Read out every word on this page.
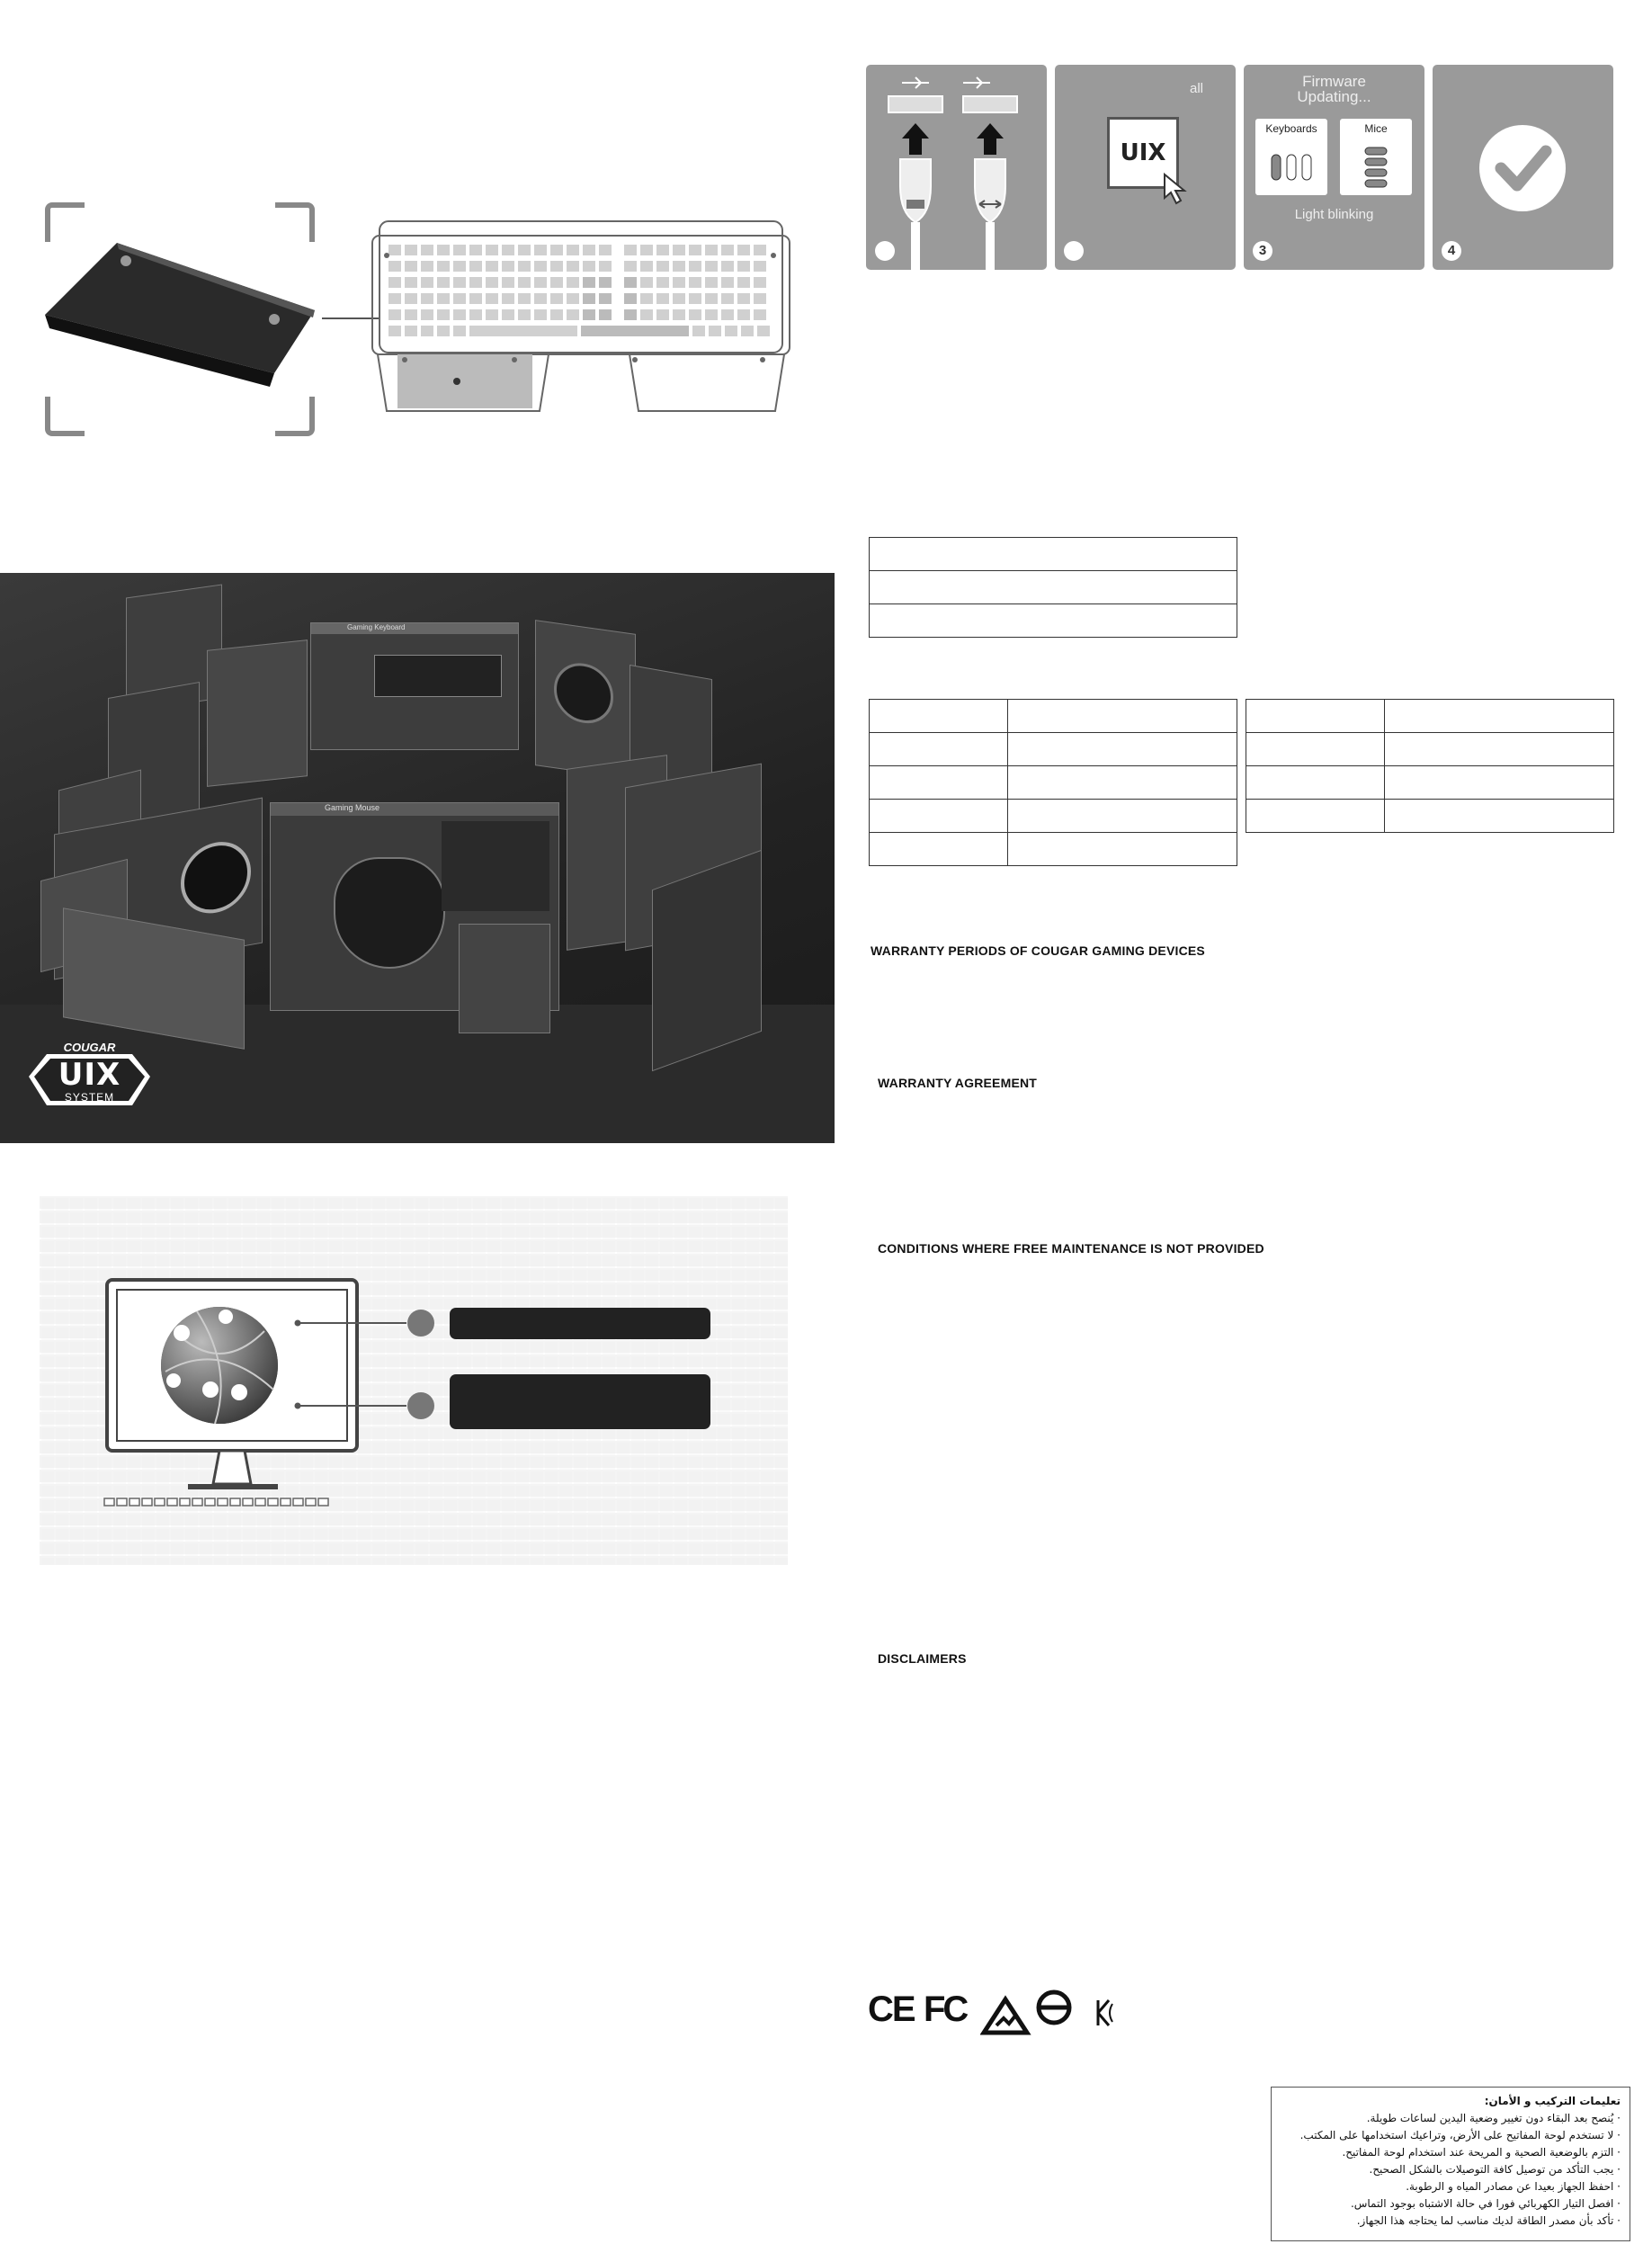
all
UIX
Firmware Updating...
Keyboards	Mice
Light blinking
3	4

WARRANTY PERIODS OF COUGAR GAMING DEVICES
WARRANTY AGREEMENT
CONDITIONS WHERE FREE MAINTENANCE IS NOT PROVIDED
DISCLAIMERS
Gaming Keyboard
Gaming Mouse
COUGAR
UIX
SYSTEM
CE FC
تعليمات التركيب و الأمان:
· يُنصح بعد البقاء دون تغيير وضعية اليدين لساعات طويلة.
· لا تستخدم لوحة المفاتيح على الأرض، وتراعيك استخدامها على المكتب.
· التزم بالوضعية الصحية و المريحة عند استخدام لوحة المفاتيح.
· يجب التأكد من توصيل كافة التوصيلات بالشكل الصحيح.
· احفظ الجهاز بعيدا عن مصادر المياه و الرطوبة.
· افصل التيار الكهربائي فورا في حالة الاشتباه بوجود التماس.
· تأكد بأن مصدر الطاقة لديك مناسب لما يحتاجه هذا الجهاز.
